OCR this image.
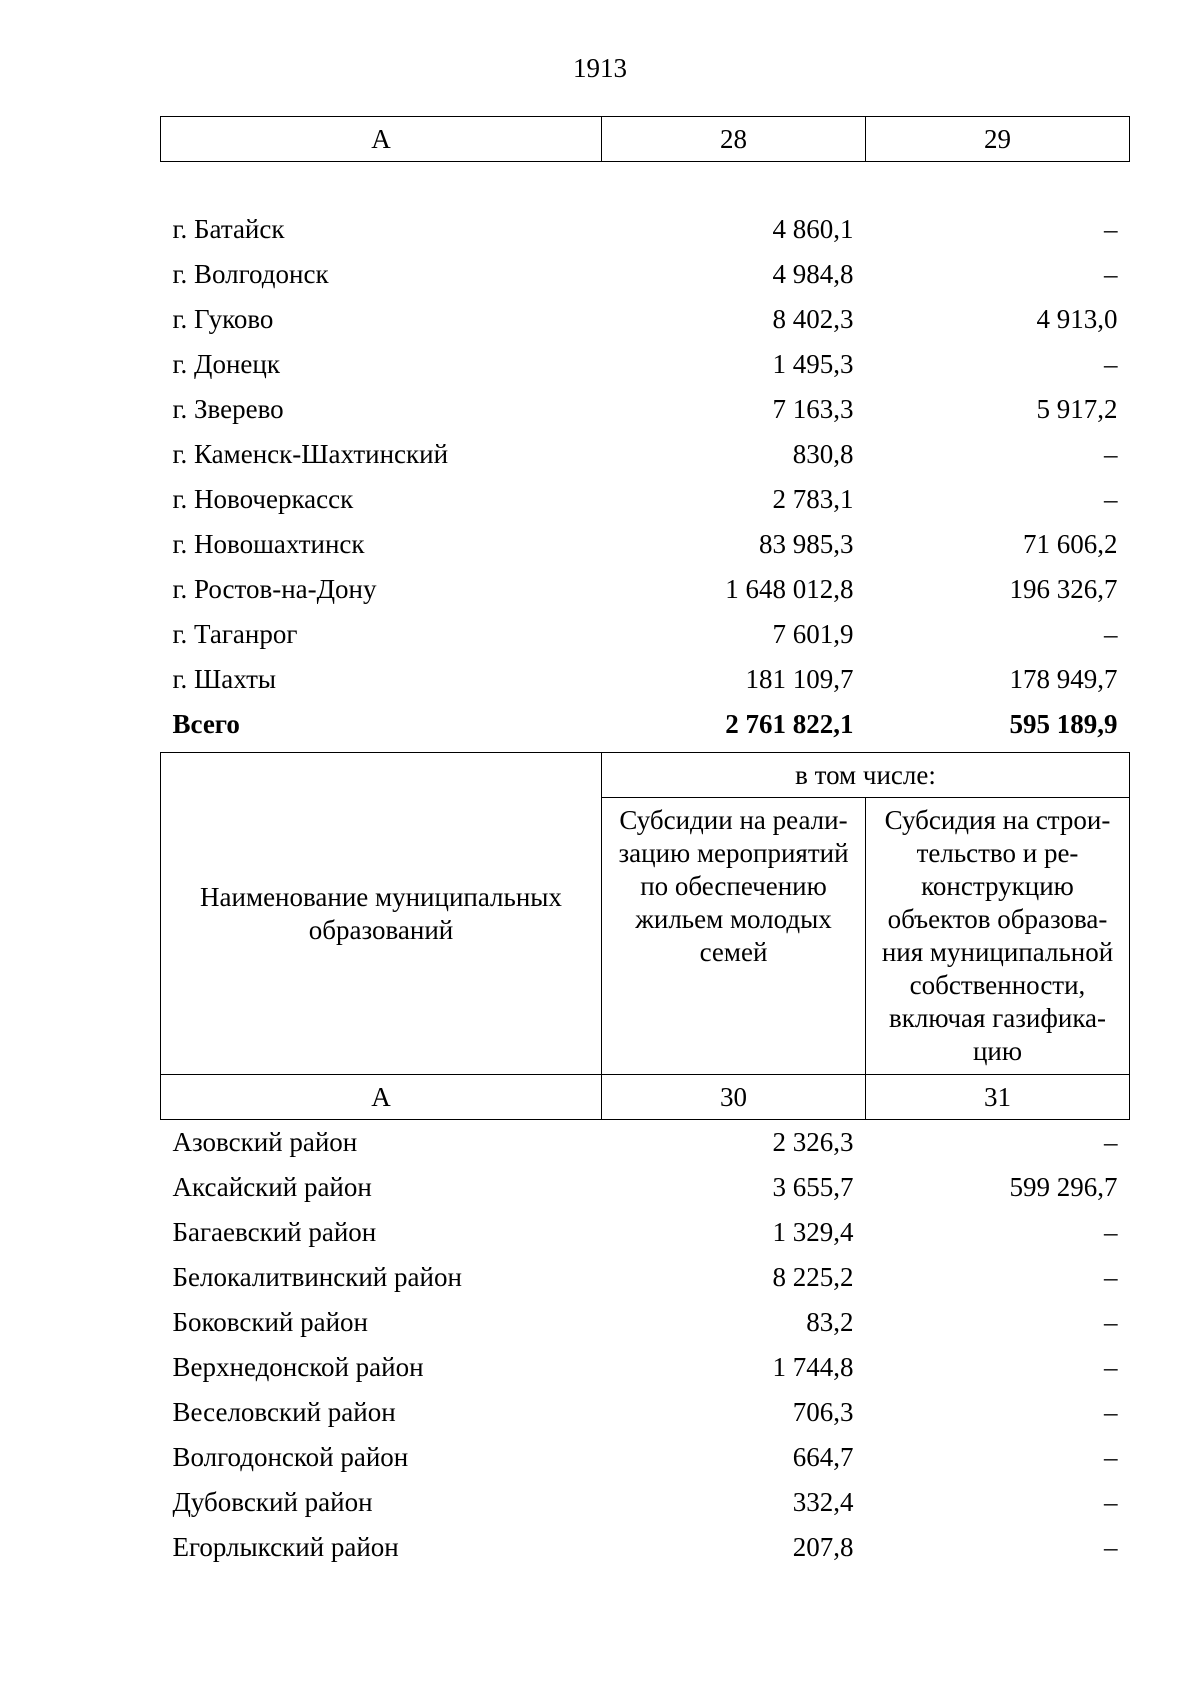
1913
А	28	29

г. Батайск	4 860,1	–
г. Волгодонск	4 984,8	–
г. Гуково	8 402,3	4 913,0
г. Донецк	1 495,3	–
г. Зверево	7 163,3	5 917,2
г. Каменск-Шахтинский	830,8	–
г. Новочеркасск	2 783,1	–
г. Новошахтинск	83 985,3	71 606,2
г. Ростов-на-Дону	1 648 012,8	196 326,7
г. Таганрог	7 601,9	–
г. Шахты	181 109,7	178 949,7
Всего	2 761 822,1	595 189,9
Наименование муниципальных образований	в том числе:	
	Субсидии на реали-зацию мероприятий по обеспечению жильем молодых семей	Субсидия на строи-тельство и ре-конструкцию объектов образова-ния муниципальной собственности, включая газифика-цию
А	30	31
Азовский район	2 326,3	–
Аксайский район	3 655,7	599 296,7
Багаевский район	1 329,4	–
Белокалитвинский район	8 225,2	–
Боковский район	83,2	–
Верхнедонской район	1 744,8	–
Веселовский район	706,3	–
Волгодонской район	664,7	–
Дубовский район	332,4	–
Егорлыкский район	207,8	–
